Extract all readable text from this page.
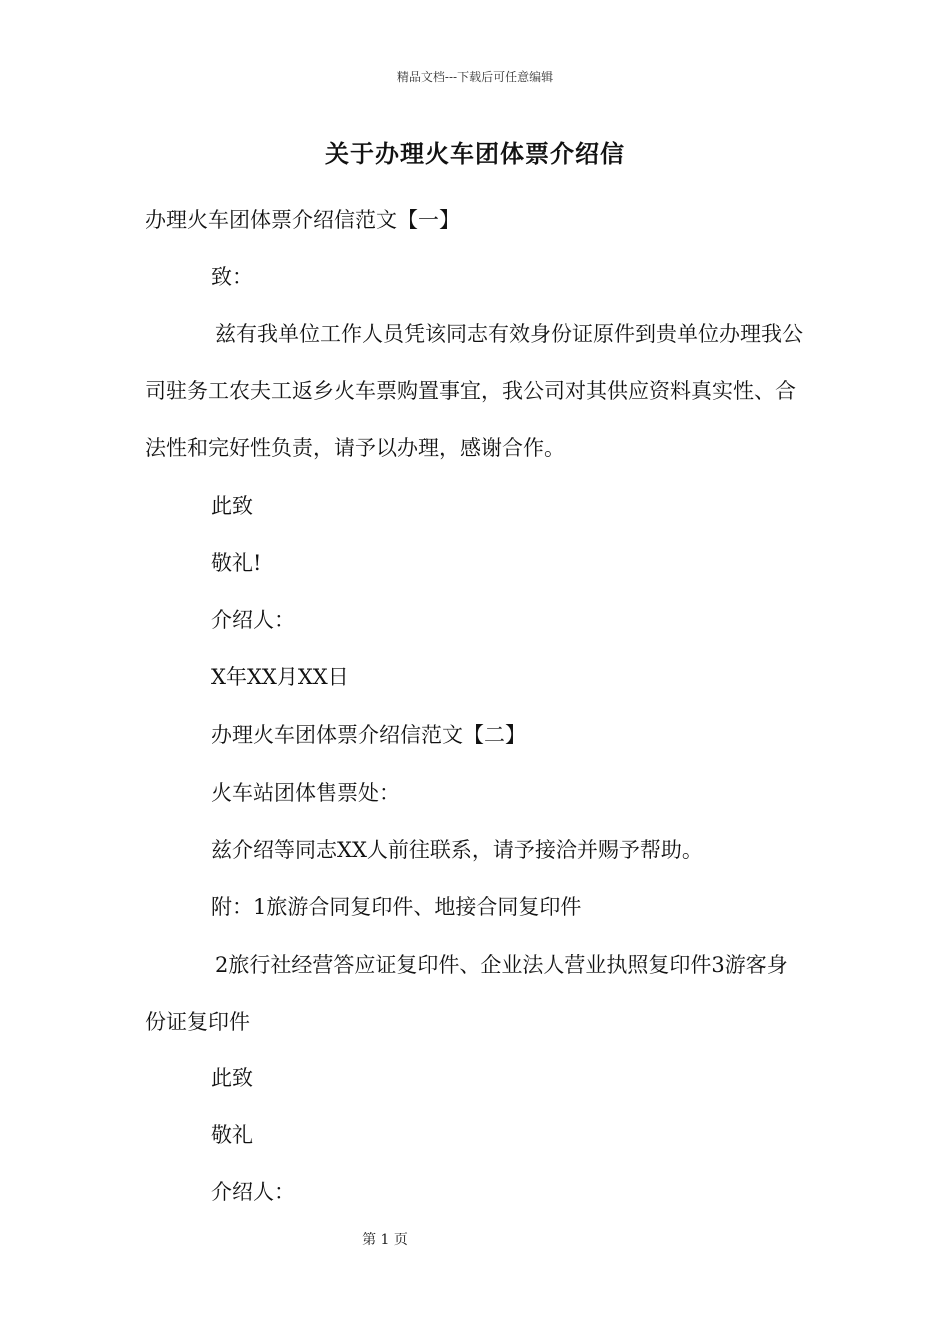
精品文档---下载后可任意编辑
关于办理火车团体票介绍信

办理火车团体票介绍信范文【一】

致：

兹有我单位工作人员凭该同志有效身份证原件到贵单位办理我公司驻务工农夫工返乡火车票购置事宜，我公司对其供应资料真实性、合法性和完好性负责，请予以办理，感谢合作。

此致

敬礼!

介绍人：

X年XX月XX日

办理火车团体票介绍信范文【二】

火车站团体售票处：

兹介绍等同志XX人前往联系，请予接洽并赐予帮助。

附：1旅游合同复印件、地接合同复印件

2旅行社经营答应证复印件、企业法人营业执照复印件3游客身份证复印件

此致

敬礼

介绍人：

第 1 页
